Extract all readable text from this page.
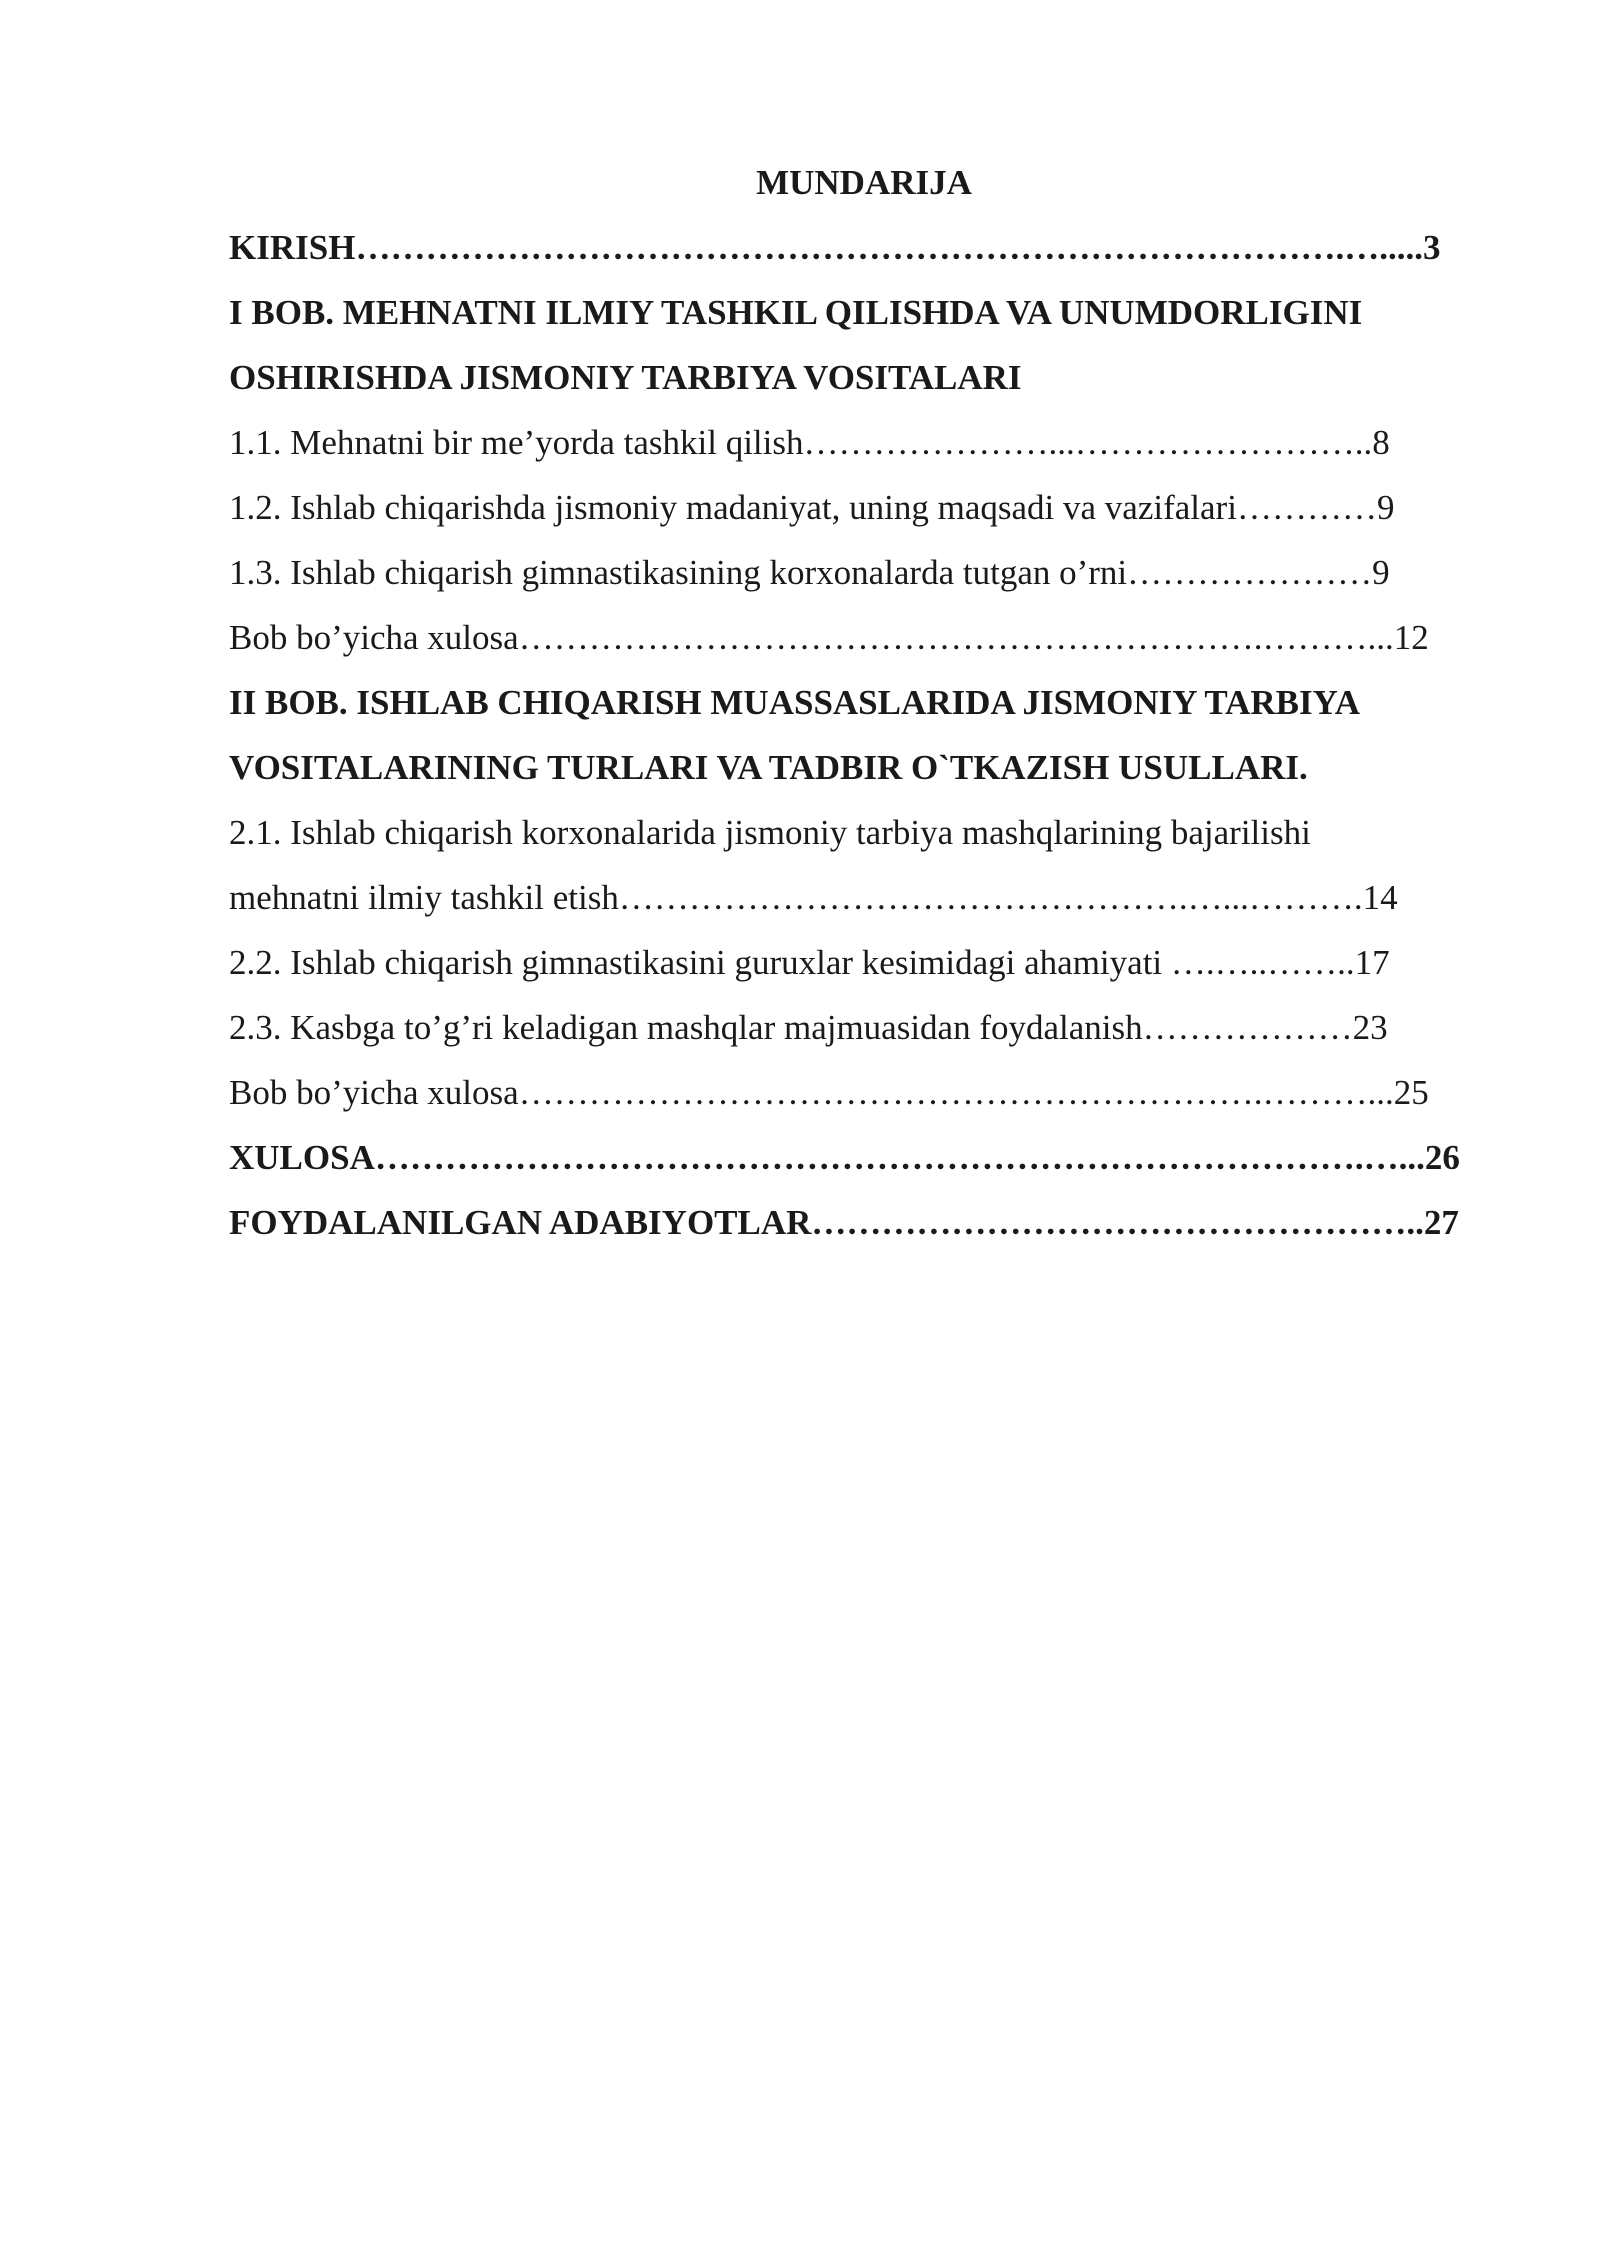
MUNDARIJA
KIRISH………………………………………………………………………….….....3
I BOB. MEHNATNI ILMIY TASHKIL QILISHDA VA UNUMDORLIGINI
OSHIRISHDA JISMONIY TARBIYA VOSITALARI
1.1. Mehnatni bir me’yorda tashkil qilish…………………...……………………..8
1.2. Ishlab chiqarishda jismoniy madaniyat, uning maqsadi va vazifalari…………9
1.3. Ishlab chiqarish gimnastikasining korxonalarda tutgan o’rni…………………9
Bob bo’yicha xulosa……………………………………………………….………...12
II BOB. ISHLAB CHIQARISH MUASSASLARIDA JISMONIY TARBIYA
VOSITALARINING TURLARI VA TADBIR O`TKAZISH USULLARI.
2.1. Ishlab chiqarish korxonalarida jismoniy tarbiya mashqlarining bajarilishi
mehnatni ilmiy tashkil etish………………………………………….…...……….14
2.2. Ishlab chiqarish gimnastikasini guruxlar kesimidagi ahamiyati ….…..……..17
2.3. Kasbga to’g’ri keladigan mashqlar majmuasidan foydalanish………………23
Bob bo’yicha xulosa……………………………………………………….………...25
XULOSA………………………………………………………………………….…...26
FOYDALANILGAN ADABIYOTLAR……………………………………………..27
